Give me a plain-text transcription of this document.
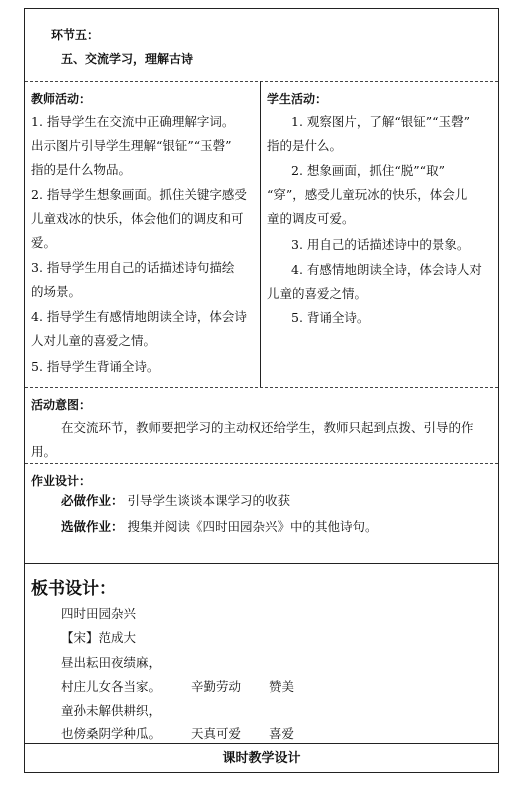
环节五：
五、交流学习，理解古诗
教师活动：
1. 指导学生在交流中正确理解字词。
出示图片引导学生理解“银钲”“玉磬”
指的是什么物品。
2. 指导学生想象画面。抓住关键字感受
儿童戏冰的快乐，体会他们的调皮和可
爱。
3. 指导学生用自己的话描述诗句描绘
的场景。
4. 指导学生有感情地朗读全诗，体会诗
人对儿童的喜爱之情。
5. 指导学生背诵全诗。
学生活动：
1. 观察图片，了解“银钲”“玉磬”
指的是什么。
2. 想象画面，抓住“脱”“取”
“穿”，感受儿童玩冰的快乐，体会儿
童的调皮可爱。
3. 用自己的话描述诗中的景象。
4. 有感情地朗读全诗，体会诗人对
儿童的喜爱之情。
5. 背诵全诗。
活动意图：
在交流环节，教师要把学习的主动权还给学生，教师只起到点拨、引导的作
用。
作业设计：
必做作业： 引导学生谈谈本课学习的收获
选做作业： 搜集并阅读《四时田园杂兴》中的其他诗句。
板书设计：
四时田园杂兴
【宋】范成大
昼出耘田夜绩麻，
村庄儿女各当家。 辛勤劳动 赞美
童孙未解供耕织，
也傍桑阴学种瓜。 天真可爱 喜爱
课时教学设计
